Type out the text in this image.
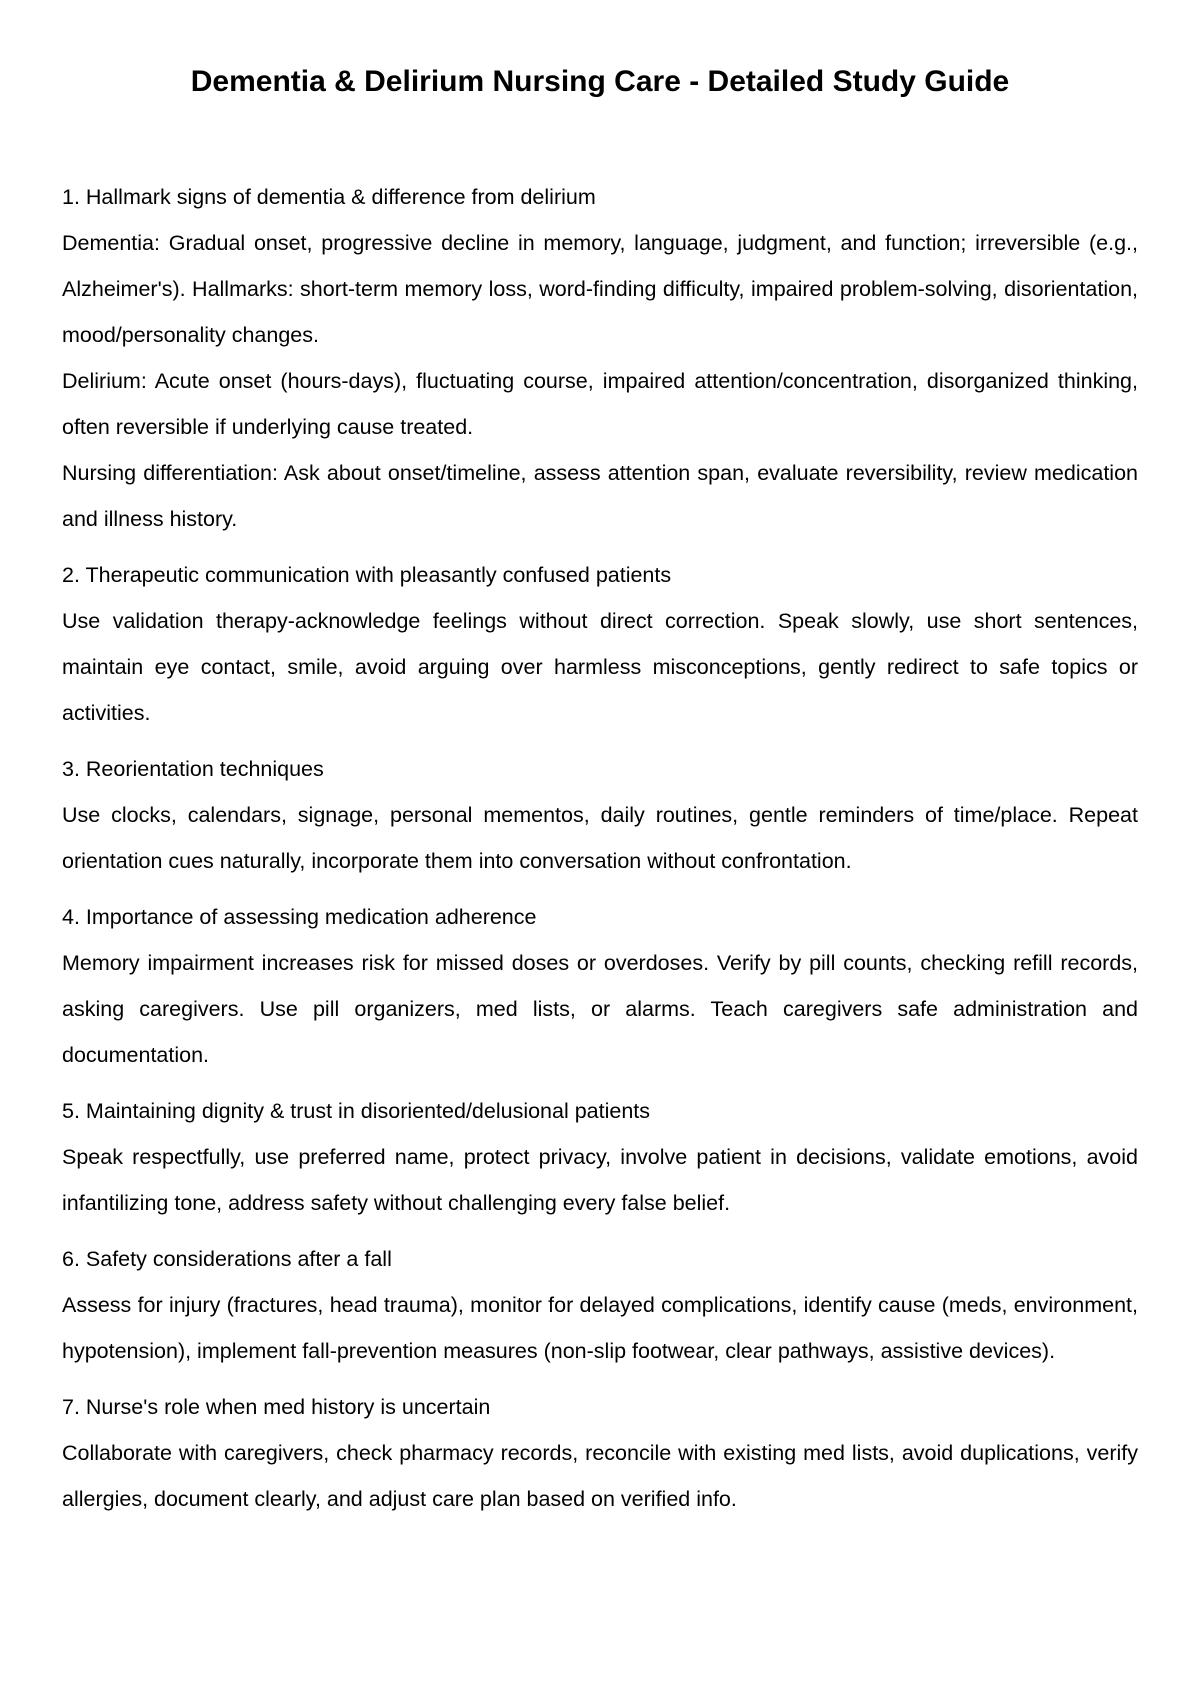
Dementia & Delirium Nursing Care - Detailed Study Guide

1. Hallmark signs of dementia & difference from delirium

Dementia: Gradual onset, progressive decline in memory, language, judgment, and function; irreversible (e.g., Alzheimer's). Hallmarks: short-term memory loss, word-finding difficulty, impaired problem-solving, disorientation, mood/personality changes.

Delirium: Acute onset (hours-days), fluctuating course, impaired attention/concentration, disorganized thinking, often reversible if underlying cause treated.

Nursing differentiation: Ask about onset/timeline, assess attention span, evaluate reversibility, review medication and illness history.

2. Therapeutic communication with pleasantly confused patients

Use validation therapy-acknowledge feelings without direct correction. Speak slowly, use short sentences, maintain eye contact, smile, avoid arguing over harmless misconceptions, gently redirect to safe topics or activities.

3. Reorientation techniques

Use clocks, calendars, signage, personal mementos, daily routines, gentle reminders of time/place. Repeat orientation cues naturally, incorporate them into conversation without confrontation.

4. Importance of assessing medication adherence

Memory impairment increases risk for missed doses or overdoses. Verify by pill counts, checking refill records, asking caregivers. Use pill organizers, med lists, or alarms. Teach caregivers safe administration and documentation.

5. Maintaining dignity & trust in disoriented/delusional patients

Speak respectfully, use preferred name, protect privacy, involve patient in decisions, validate emotions, avoid infantilizing tone, address safety without challenging every false belief.

6. Safety considerations after a fall

Assess for injury (fractures, head trauma), monitor for delayed complications, identify cause (meds, environment, hypotension), implement fall-prevention measures (non-slip footwear, clear pathways, assistive devices).

7. Nurse's role when med history is uncertain

Collaborate with caregivers, check pharmacy records, reconcile with existing med lists, avoid duplications, verify allergies, document clearly, and adjust care plan based on verified info.
